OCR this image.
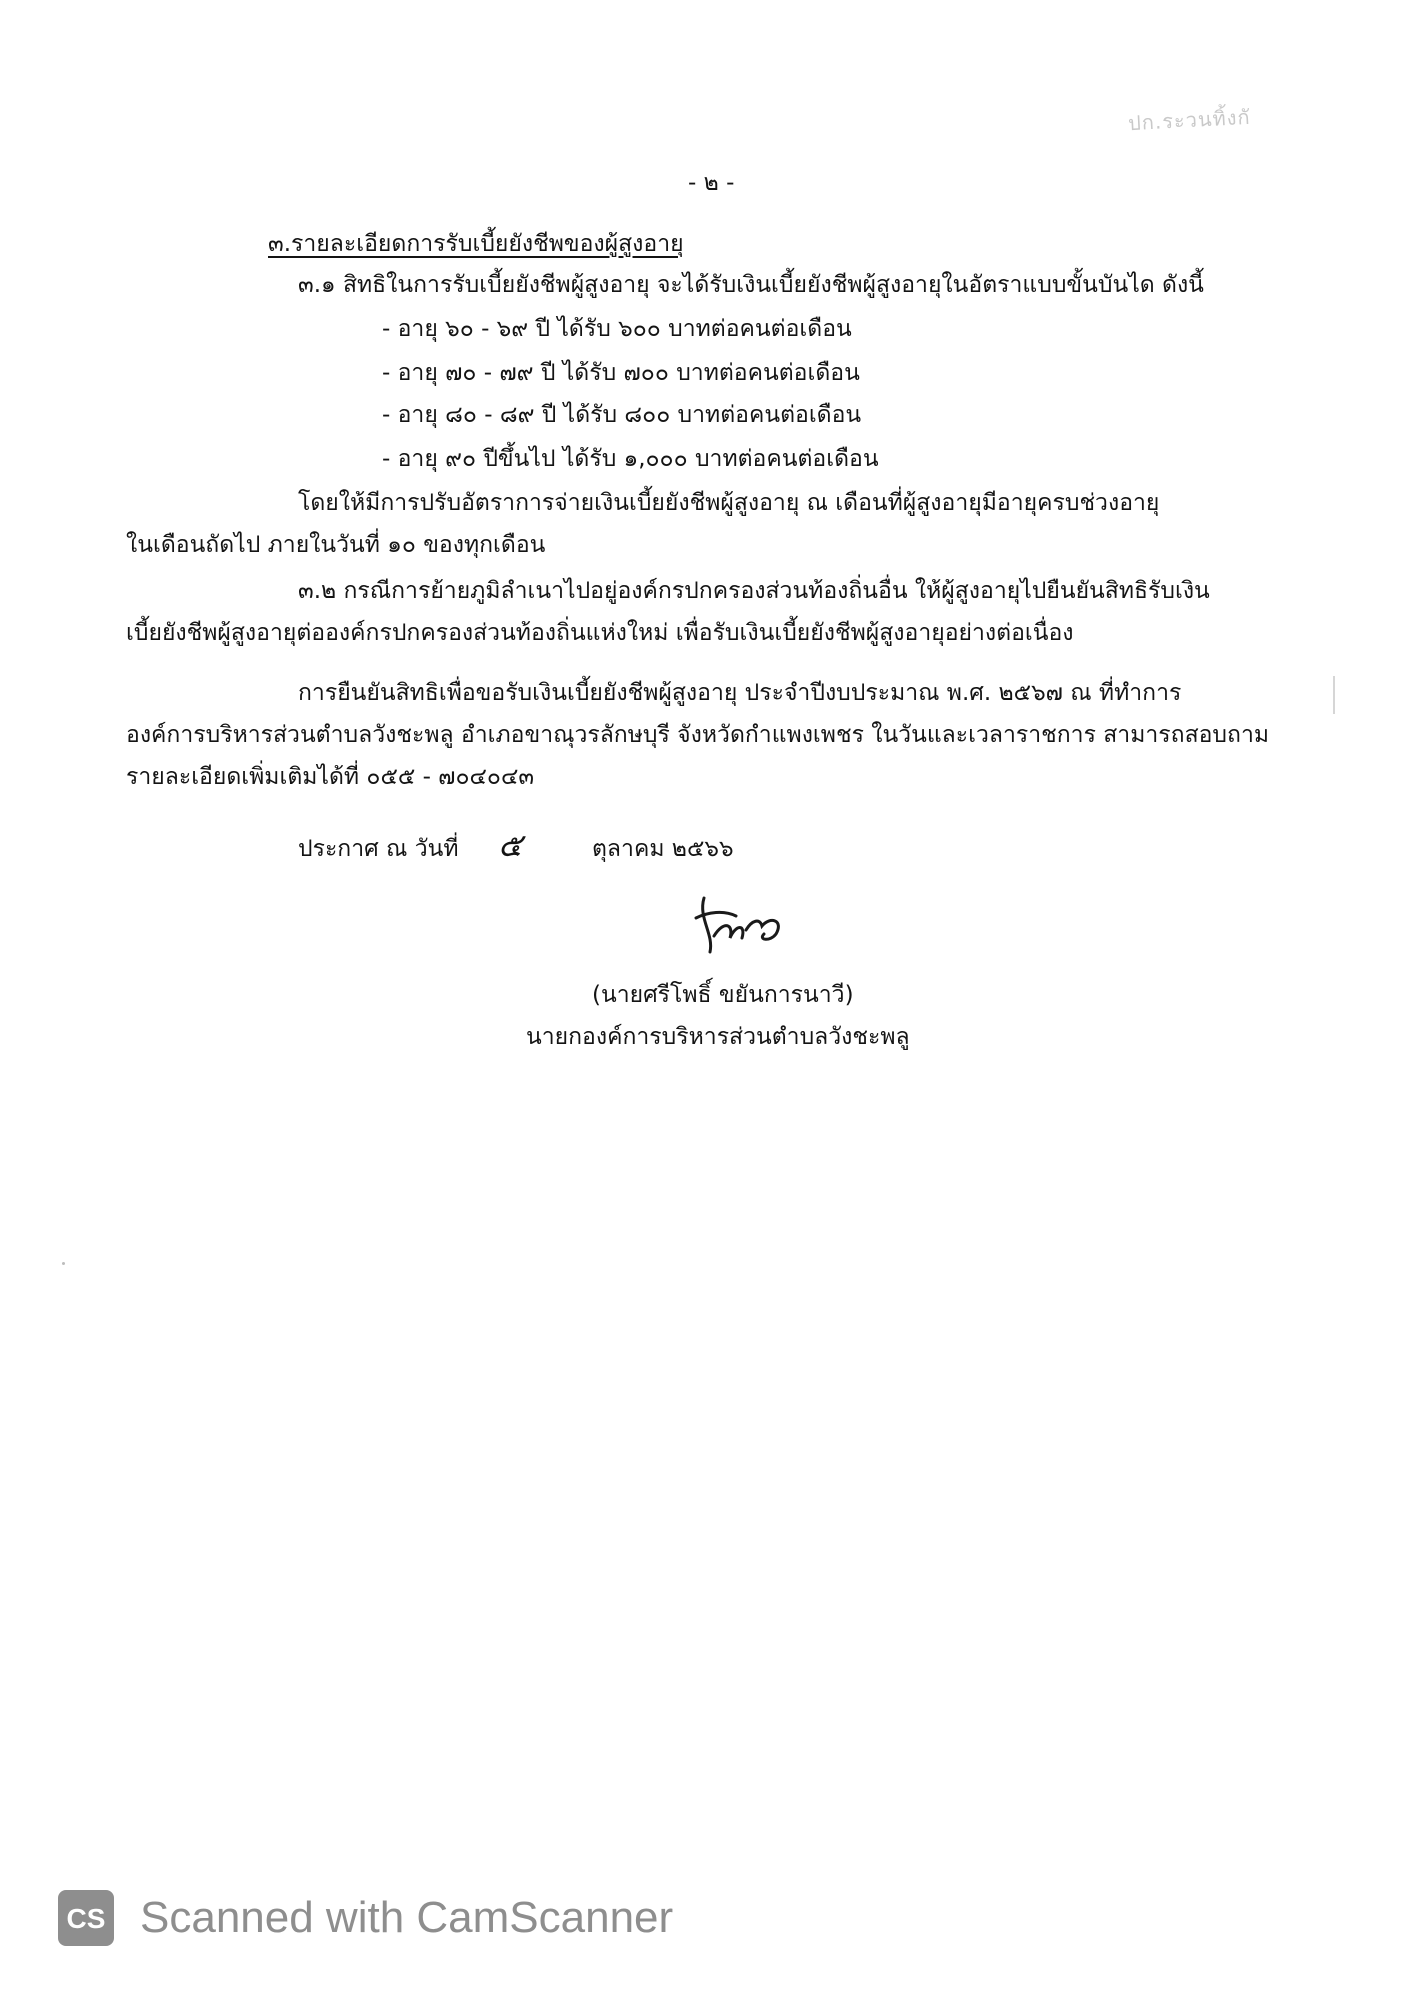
ปก.ระวนทิ้งกั
- ๒ -
๓.รายละเอียดการรับเบี้ยยังชีพของผู้สูงอายุ
๓.๑ สิทธิในการรับเบี้ยยังชีพผู้สูงอายุ จะได้รับเงินเบี้ยยังชีพผู้สูงอายุในอัตราแบบขั้นบันได ดังนี้
- อายุ ๖๐ - ๖๙ ปี ได้รับ ๖๐๐ บาทต่อคนต่อเดือน
- อายุ ๗๐ - ๗๙ ปี ได้รับ ๗๐๐ บาทต่อคนต่อเดือน
- อายุ ๘๐ - ๘๙ ปี ได้รับ ๘๐๐ บาทต่อคนต่อเดือน
- อายุ ๙๐ ปีขึ้นไป ได้รับ ๑,๐๐๐ บาทต่อคนต่อเดือน
โดยให้มีการปรับอัตราการจ่ายเงินเบี้ยยังชีพผู้สูงอายุ ณ เดือนที่ผู้สูงอายุมีอายุครบช่วงอายุ
ในเดือนถัดไป ภายในวันที่ ๑๐ ของทุกเดือน
๓.๒ กรณีการย้ายภูมิลำเนาไปอยู่องค์กรปกครองส่วนท้องถิ่นอื่น ให้ผู้สูงอายุไปยืนยันสิทธิรับเงิน
เบี้ยยังชีพผู้สูงอายุต่อองค์กรปกครองส่วนท้องถิ่นแห่งใหม่ เพื่อรับเงินเบี้ยยังชีพผู้สูงอายุอย่างต่อเนื่อง
การยืนยันสิทธิเพื่อขอรับเงินเบี้ยยังชีพผู้สูงอายุ ประจำปีงบประมาณ พ.ศ. ๒๕๖๗ ณ ที่ทำการ
องค์การบริหารส่วนตำบลวังชะพลู อำเภอขาณุวรลักษบุรี จังหวัดกำแพงเพชร ในวันและเวลาราชการ สามารถสอบถาม
รายละเอียดเพิ่มเติมได้ที่ ๐๕๕ - ๗๐๔๐๔๓
ประกาศ ณ วันที่ ๕	ตุลาคม ๒๕๖๖
(นายศรีโพธิ์ ขยันการนาวี)
นายกองค์การบริหารส่วนตำบลวังชะพลู
CS Scanned with CamScanner
